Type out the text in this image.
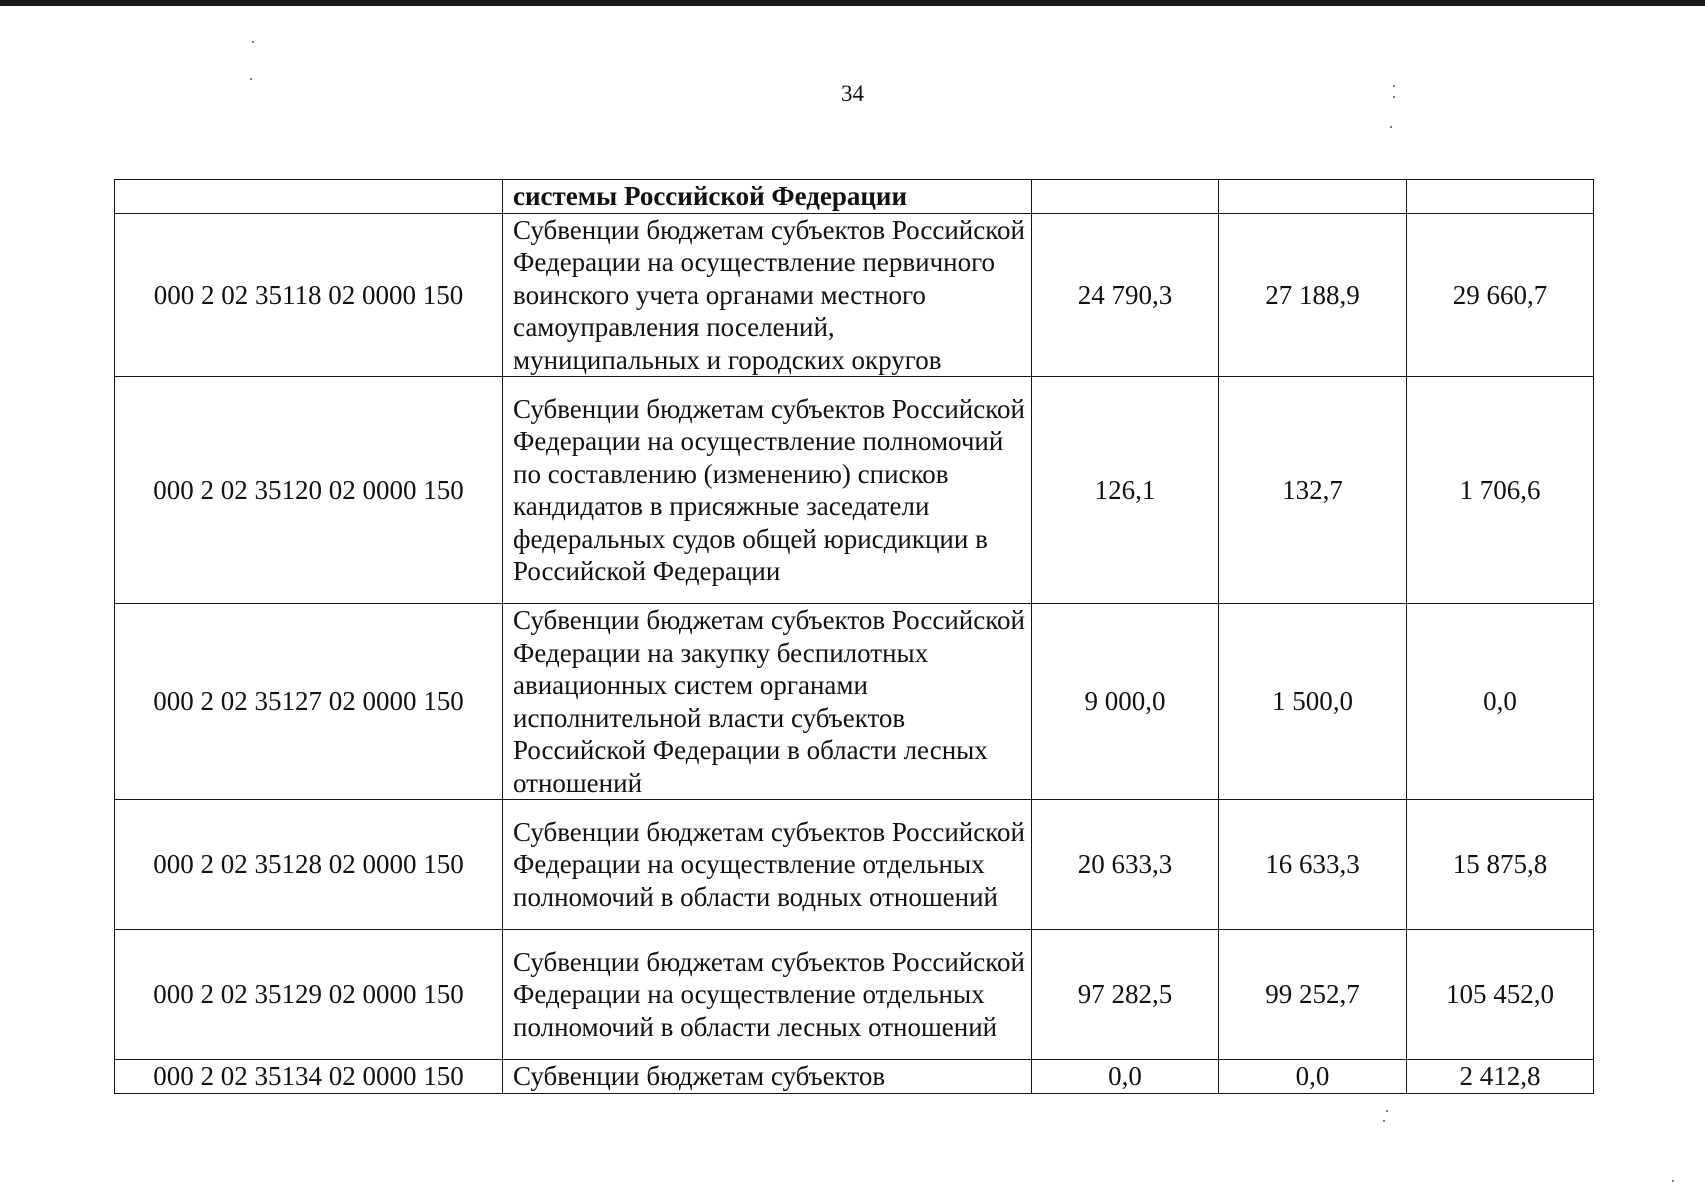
34
	системы Российской Федерации			
000 2 02 35118 02 0000 150	Субвенции бюджетам субъектов Российской Федерации на осуществление первичного воинского учета органами местного самоуправления поселений, муниципальных и городских округов	24 790,3	27 188,9	29 660,7
000 2 02 35120 02 0000 150	Субвенции бюджетам субъектов Российской Федерации на осуществление полномочий по составлению (изменению) списков кандидатов в присяжные заседатели федеральных судов общей юрисдикции в Российской Федерации	126,1	132,7	1 706,6
000 2 02 35127 02 0000 150	Субвенции бюджетам субъектов Российской Федерации на закупку беспилотных авиационных систем органами исполнительной власти субъектов Российской Федерации в области лесных отношений	9 000,0	1 500,0	0,0
000 2 02 35128 02 0000 150	Субвенции бюджетам субъектов Российской Федерации на осуществление отдельных полномочий в области водных отношений	20 633,3	16 633,3	15 875,8
000 2 02 35129 02 0000 150	Субвенции бюджетам субъектов Российской Федерации на осуществление отдельных полномочий в области лесных отношений	97 282,5	99 252,7	105 452,0
000 2 02 35134 02 0000 150	Субвенции бюджетам субъектов	0,0	0,0	2 412,8
